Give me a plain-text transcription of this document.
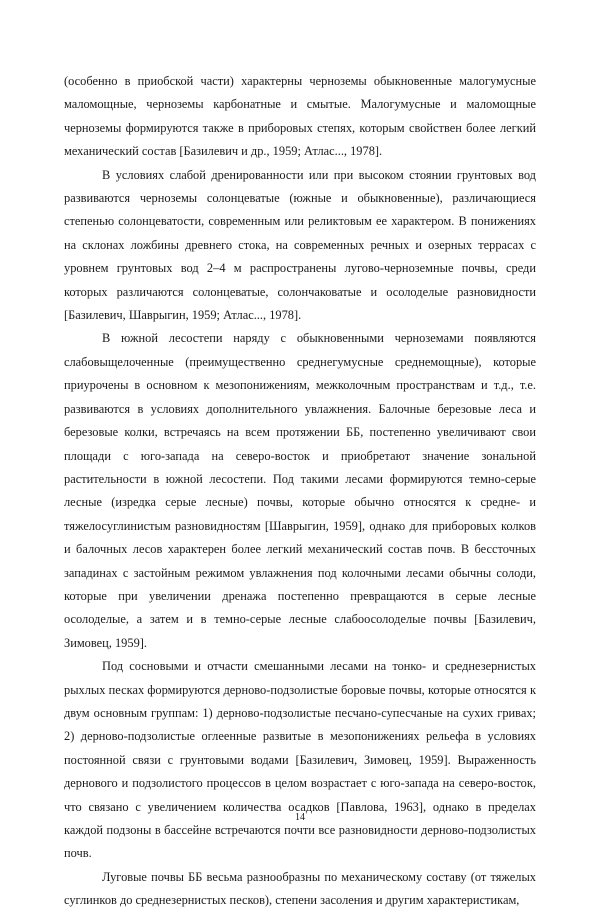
(особенно в приобской части) характерны черноземы обыкновенные малогумусные маломощные, черноземы карбонатные и смытые. Малогумусные и маломощные черноземы формируются также в приборовых степях, которым свойствен более легкий механический состав [Базилевич и др., 1959; Атлас..., 1978].

В условиях слабой дренированности или при высоком стоянии грунтовых вод развиваются черноземы солонцеватые (южные и обыкновенные), различающиеся степенью солонцеватости, современным или реликтовым ее характером. В понижениях на склонах ложбины древнего стока, на современных речных и озерных террасах с уровнем грунтовых вод 2–4 м распространены лугово-черноземные почвы, среди которых различаются солонцеватые, солончаковатые и осолоделые разновидности [Базилевич, Шаврыгин, 1959; Атлас..., 1978].

В южной лесостепи наряду с обыкновенными черноземами появляются слабовыщелоченные (преимущественно среднегумусные среднемощные), которые приурочены в основном к мезопонижениям, межколочным пространствам и т.д., т.е. развиваются в условиях дополнительного увлажнения. Балочные березовые леса и березовые колки, встречаясь на всем протяжении ББ, постепенно увеличивают свои площади с юго-запада на северо-восток и приобретают значение зональной растительности в южной лесостепи. Под такими лесами формируются темно-серые лесные (изредка серые лесные) почвы, которые обычно относятся к средне- и тяжелосуглинистым разновидностям [Шаврыгин, 1959], однако для приборовых колков и балочных лесов характерен более легкий механический состав почв. В бессточных западинах с застойным режимом увлажнения под колочными лесами обычны солоди, которые при увеличении дренажа постепенно превращаются в серые лесные осолоделые, а затем и в темно-серые лесные слабоосолоделые почвы [Базилевич, Зимовец, 1959].

Под сосновыми и отчасти смешанными лесами на тонко- и среднезернистых рыхлых песках формируются дерново-подзолистые боровые почвы, которые относятся к двум основным группам: 1) дерново-подзолистые песчано-супесчаные на сухих гривах; 2) дерново-подзолистые оглеенные развитые в мезопонижениях рельефа в условиях постоянной связи с грунтовыми водами [Базилевич, Зимовец, 1959]. Выраженность дернового и подзолистого процессов в целом возрастает с юго-запада на северо-восток, что связано с увеличением количества осадков [Павлова, 1963], однако в пределах каждой подзоны в бассейне встречаются почти все разновидности дерново-подзолистых почв.

Луговые почвы ББ весьма разнообразны по механическому составу (от тяжелых суглинков до среднезернистых песков), степени засоления и другим характеристикам,

14
